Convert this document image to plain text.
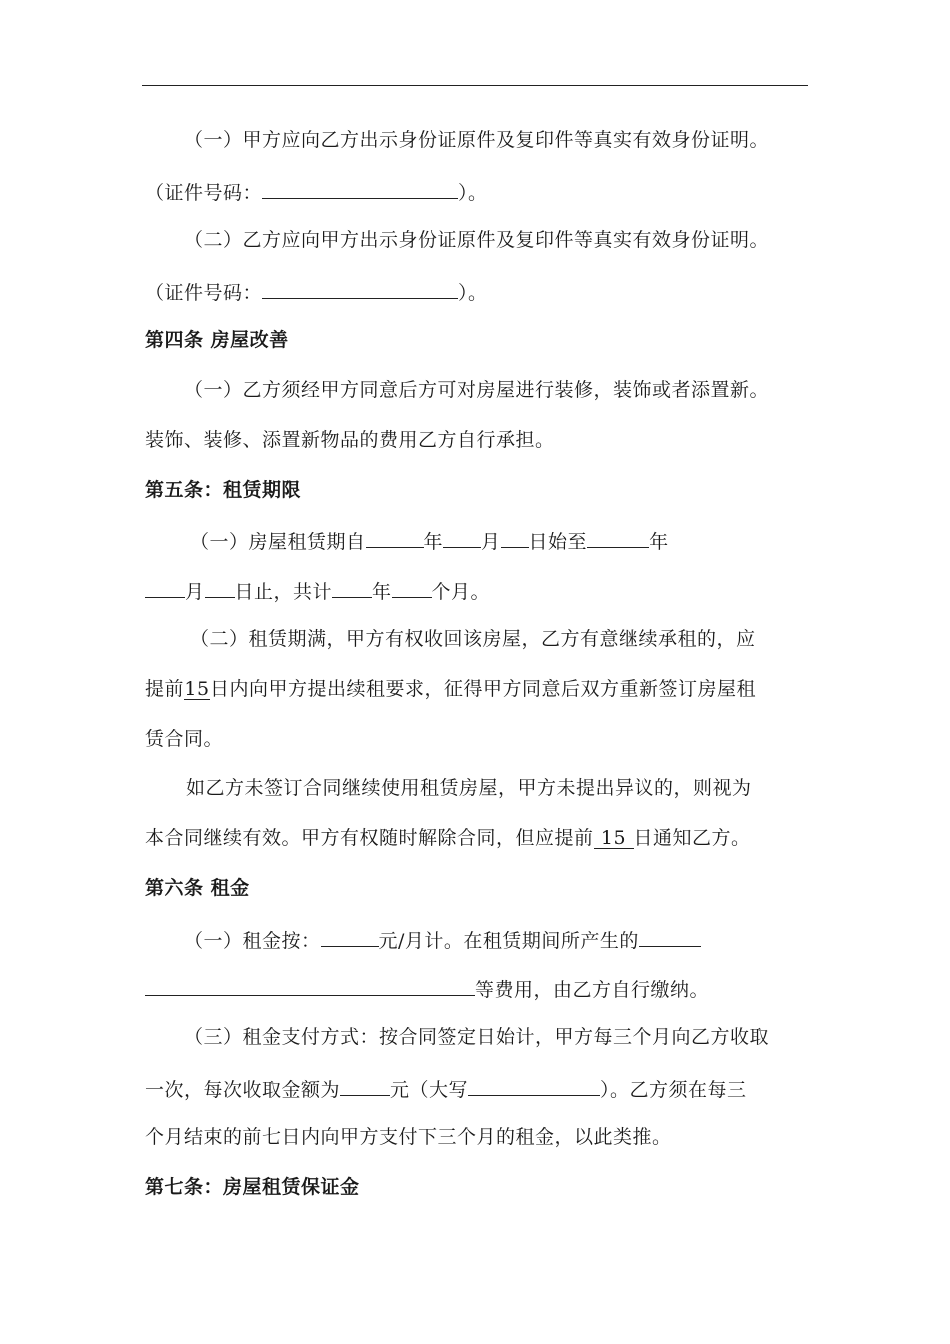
（一）甲方应向乙方出示身份证原件及复印件等真实有效身份证明。
（证件号码：	）。
（二）乙方应向甲方出示身份证原件及复印件等真实有效身份证明。
（证件号码：	）。
第四条 房屋改善
（一）乙方须经甲方同意后方可对房屋进行装修，装饰或者添置新。
装饰、装修、添置新物品的费用乙方自行承担。
第五条：租赁期限
（一）房屋租赁期自	年 月 日始至	年
月 日止，共计 年 个月。
（二）租赁期满，甲方有权收回该房屋，乙方有意继续承租的，应
提前15日内向甲方提出续租要求，征得甲方同意后双方重新签订房屋租
赁合同。
如乙方未签订合同继续使用租赁房屋，甲方未提出异议的，则视为
本合同继续有效。甲方有权随时解除合同，但应提前 15 日通知乙方。
第六条 租金
（一）租金按：	元/月计。在租赁期间所产生的
等费用，由乙方自行缴纳。
（三）租金支付方式：按合同签定日始计，甲方每三个月向乙方收取
一次，每次收取金额为	元（大写	）。乙方须在每三
个月结束的前七日内向甲方支付下三个月的租金，以此类推。
第七条：房屋租赁保证金
